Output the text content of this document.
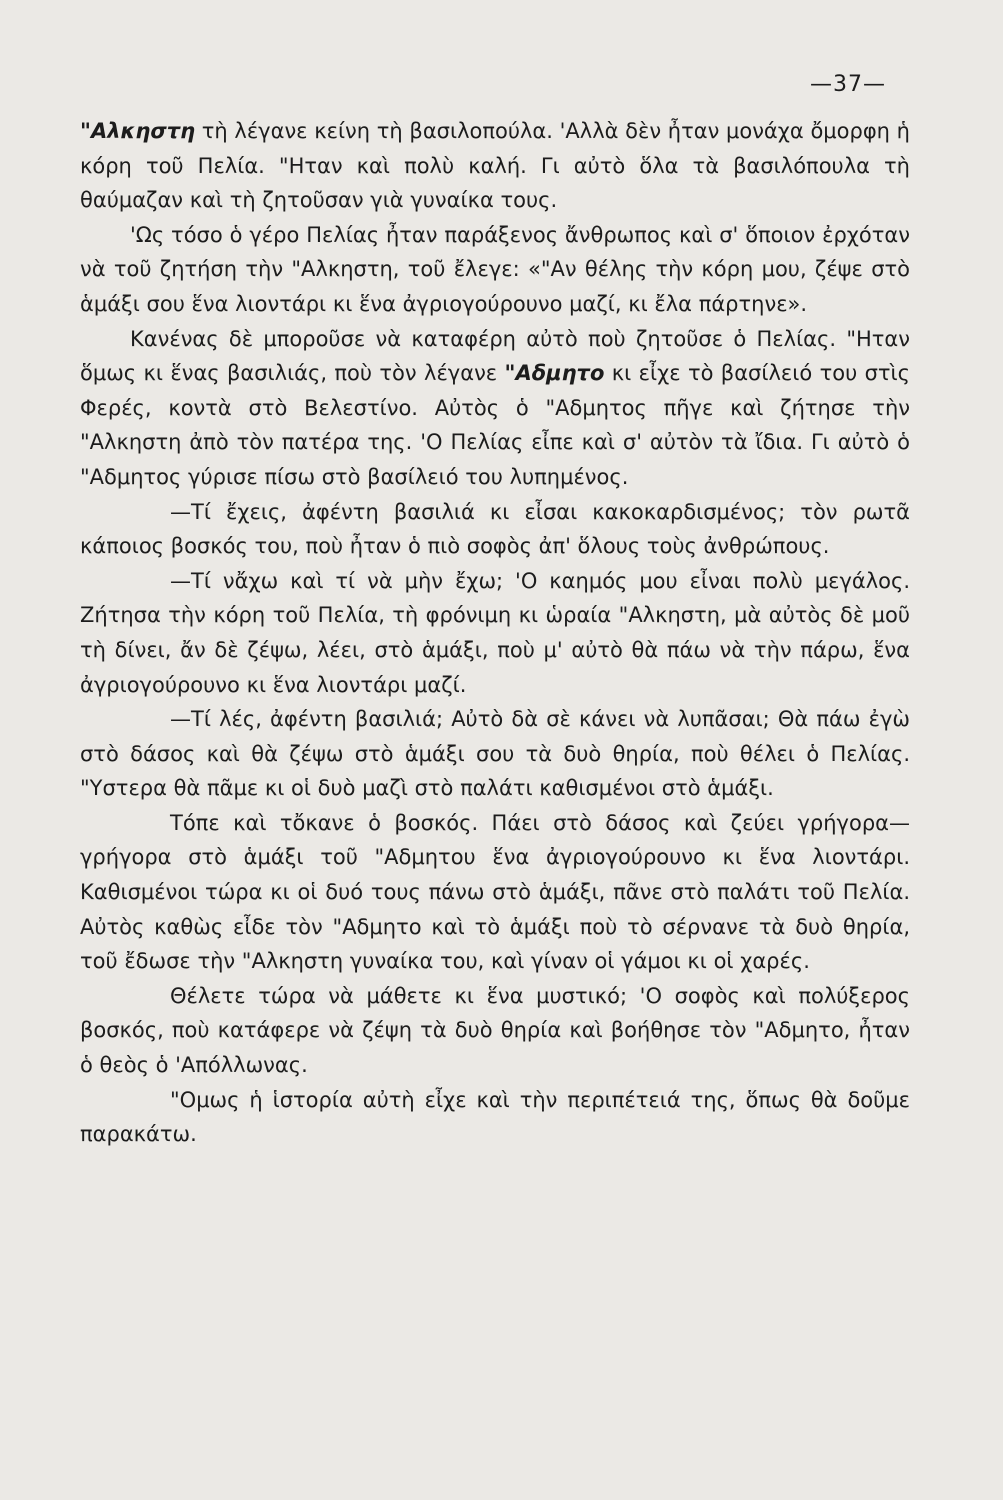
—37—

"Αλκηστη τὴ λέγανε κείνη τὴ βασιλοπούλα. 'Αλλὰ δὲν ἦταν μονάχα ὄμορφη ἡ κόρη τοῦ Πελία. "Ηταν καὶ πολὺ καλή. Γι αὐτὸ ὅλα τὰ βασιλόπουλα τὴ θαύμαζαν καὶ τὴ ζητοῦσαν γιὰ γυναίκα τους.

'Ως τόσο ὁ γέρο Πελίας ἦταν παράξενος ἄνθρωπος καὶ σ' ὅποιον ἐρχόταν νὰ τοῦ ζητήση τὴν "Αλκηστη, τοῦ ἔλεγε: «"Αν θέλης τὴν κόρη μου, ζέψε στὸ ἁμάξι σου ἕνα λιοντάρι κι ἕνα ἀγριογούρουνο μαζί, κι ἔλα πάρτηνε».

Κανένας δὲ μποροῦσε νὰ καταφέρη αὐτὸ ποὺ ζητοῦσε ὁ Πελίας. "Ηταν ὅμως κι ἕνας βασιλιάς, ποὺ τὸν λέγανε "Αδμητο κι εἶχε τὸ βασίλειό του στὶς Φερές, κοντὰ στὸ Βελεστίνο. Αὐτὸς ὁ "Αδμητος πῆγε καὶ ζήτησε τὴν "Αλκηστη ἀπὸ τὸν πατέρα της. 'Ο Πελίας εἶπε καὶ σ' αὐτὸν τὰ ἴδια. Γι αὐτὸ ὁ "Αδμητος γύρισε πίσω στὸ βασίλειό του λυπημένος.

—Τί ἔχεις, ἀφέντη βασιλιά κι εἶσαι κακοκαρδισμένος; τὸν ρωτᾶ κάποιος βοσκός του, ποὺ ἦταν ὁ πιὸ σοφὸς ἀπ' ὅλους τοὺς ἀνθρώπους.

—Τί νἄχω καὶ τί νὰ μὴν ἔχω; 'Ο καημός μου εἶναι πολὺ μεγάλος. Ζήτησα τὴν κόρη τοῦ Πελία, τὴ φρόνιμη κι ὡραία "Αλκηστη, μὰ αὐτὸς δὲ μοῦ τὴ δίνει, ἄν δὲ ζέψω, λέει, στὸ ἁμάξι, ποὺ μ' αὐτὸ θὰ πάω νὰ τὴν πάρω, ἕνα ἀγριογούρουνο κι ἕνα λιοντάρι μαζί.

—Τί λές, ἀφέντη βασιλιά; Αὐτὸ δὰ σὲ κάνει νὰ λυπᾶσαι; Θὰ πάω ἐγὼ στὸ δάσος καὶ θὰ ζέψω στὸ ἁμάξι σου τὰ δυὸ θηρία, ποὺ θέλει ὁ Πελίας. "Υστερα θὰ πᾶμε κι οἱ δυὸ μαζὶ στὸ παλάτι καθισμένοι στὸ ἁμάξι.

Τόπε καὶ τὄκανε ὁ βοσκός. Πάει στὸ δάσος καὶ ζεύει γρήγορα—γρήγορα στὸ ἁμάξι τοῦ "Αδμητου ἕνα ἀγριογούρουνο κι ἕνα λιοντάρι. Καθισμένοι τώρα κι οἱ δυό τους πάνω στὸ ἁμάξι, πᾶνε στὸ παλάτι τοῦ Πελία. Αὐτὸς καθὼς εἶδε τὸν "Αδμητο καὶ τὸ ἁμάξι ποὺ τὸ σέρνανε τὰ δυὸ θηρία, τοῦ ἔδωσε τὴν "Αλκηστη γυναίκα του, καὶ γίναν οἱ γάμοι κι οἱ χαρές.

Θέλετε τώρα νὰ μάθετε κι ἕνα μυστικό; 'Ο σοφὸς καὶ πολύξερος βοσκός, ποὺ κατάφερε νὰ ζέψη τὰ δυὸ θηρία καὶ βοήθησε τὸν "Αδμητο, ἦταν ὁ θεὸς ὁ 'Απόλλωνας.

"Ομως ἡ ἱστορία αὐτὴ εἶχε καὶ τὴν περιπέτειά της, ὅπως θὰ δοῦμε παρακάτω.
